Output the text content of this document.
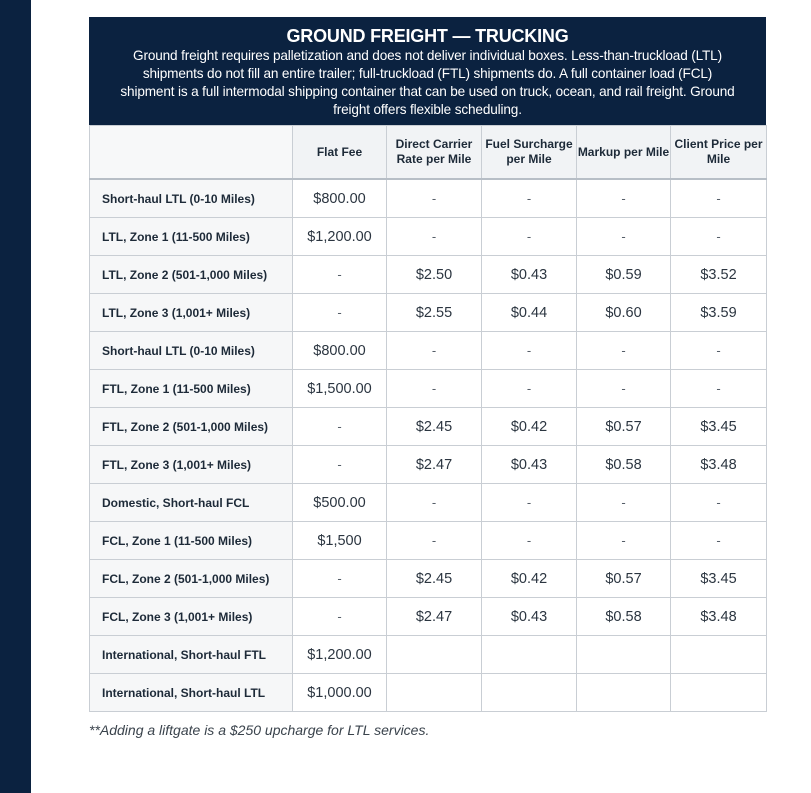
GROUND FREIGHT — TRUCKING
Ground freight requires palletization and does not deliver individual boxes. Less-than-truckload (LTL) shipments do not fill an entire trailer; full-truckload (FTL) shipments do. A full container load (FCL) shipment is a full intermodal shipping container that can be used on truck, ocean, and rail freight. Ground freight offers flexible scheduling.
	Flat Fee	Direct Carrier Rate per Mile	Fuel Surcharge per Mile	Markup per Mile	Client Price per Mile
Short-haul LTL (0-10 Miles)	$800.00	-	-	-	-
LTL, Zone 1 (11-500 Miles)	$1,200.00	-	-	-	-
LTL, Zone 2 (501-1,000 Miles)	-	$2.50	$0.43	$0.59	$3.52
LTL, Zone 3 (1,001+ Miles)	-	$2.55	$0.44	$0.60	$3.59
Short-haul LTL (0-10 Miles)	$800.00	-	-	-	-
FTL, Zone 1 (11-500 Miles)	$1,500.00	-	-	-	-
FTL, Zone 2 (501-1,000 Miles)	-	$2.45	$0.42	$0.57	$3.45
FTL, Zone 3 (1,001+ Miles)	-	$2.47	$0.43	$0.58	$3.48
Domestic, Short-haul FCL	$500.00	-	-	-	-
FCL, Zone 1 (11-500 Miles)	$1,500	-	-	-	-
FCL, Zone 2 (501-1,000 Miles)	-	$2.45	$0.42	$0.57	$3.45
FCL, Zone 3 (1,001+ Miles)	-	$2.47	$0.43	$0.58	$3.48
International, Short-haul FTL	$1,200.00				
International, Short-haul LTL	$1,000.00				
**Adding a liftgate is a $250 upcharge for LTL services.
